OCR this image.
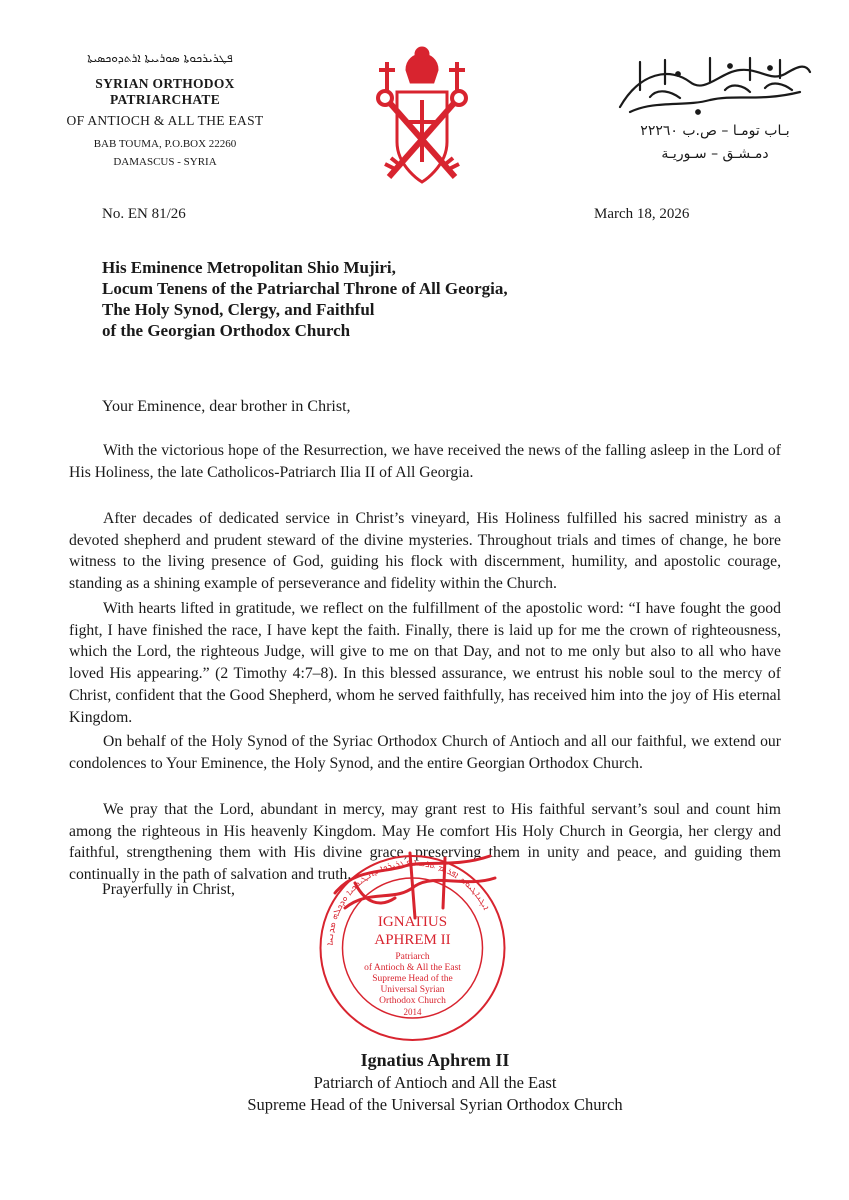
ܦܛܪܝܪܟܘܬܐ ܣܘܪܝܝܬܐ ܐܪܬܕܘܟܣܝܬܐ
SYRIAN ORTHODOX PATRIARCHATE
OF ANTIOCH & ALL THE EAST
BAB TOUMA, P.O.BOX 22260
DAMASCUS - SYRIA
بـاب تومـا – ص.ب ٢٢٢٦٠
دمـشـق – سـوريـة
No. EN 81/26	March 18, 2026
His Eminence Metropolitan Shio Mujiri,
Locum Tenens of the Patriarchal Throne of All Georgia,
The Holy Synod, Clergy, and Faithful
of the Georgian Orthodox Church
Your Eminence, dear brother in Christ,

With the victorious hope of the Resurrection, we have received the news of the falling asleep in the Lord of His Holiness, the late Catholicos-Patriarch Ilia II of All Georgia.

After decades of dedicated service in Christ’s vineyard, His Holiness fulfilled his sacred ministry as a devoted shepherd and prudent steward of the divine mysteries. Throughout trials and times of change, he bore witness to the living presence of God, guiding his flock with discernment, humility, and apostolic courage, standing as a shining example of perseverance and fidelity within the Church.

With hearts lifted in gratitude, we reflect on the fulfillment of the apostolic word: “I have fought the good fight, I have finished the race, I have kept the faith. Finally, there is laid up for me the crown of righteousness, which the Lord, the righteous Judge, will give to me on that Day, and not to me only but also to all who have loved His appearing.” (2 Timothy 4:7–8). In this blessed assurance, we entrust his noble soul to the mercy of Christ, confident that the Good Shepherd, whom he served faithfully, has received him into the joy of His eternal Kingdom.

On behalf of the Holy Synod of the Syriac Orthodox Church of Antioch and all our faithful, we extend our condolences to Your Eminence, the Holy Synod, and the entire Georgian Orthodox Church.

We pray that the Lord, abundant in mercy, may grant rest to His faithful servant’s soul and count him among the righteous in His heavenly Kingdom. May He comfort His Holy Church in Georgia, her clergy and faithful, strengthening them with His divine grace, preserving them in unity and peace, and guiding them continually in the path of salvation and truth.

Prayerfully in Christ,
ܐܝܓܢܐܛܝܘܣ ܐܦܪܝܡ ܬܪܝܢܐ ܦܛܪܝܪܟܐ ܕܐܢܛܝܘܟܝܐ ܘܕܟܠܗ ܡܕܢܚܐ
IGNATIUS
APHREM II
Patriarch
of Antioch & All the East
Supreme Head of the
Universal Syrian
Orthodox Church
2014
Ignatius Aphrem II
Patriarch of Antioch and All the East
Supreme Head of the Universal Syrian Orthodox Church
